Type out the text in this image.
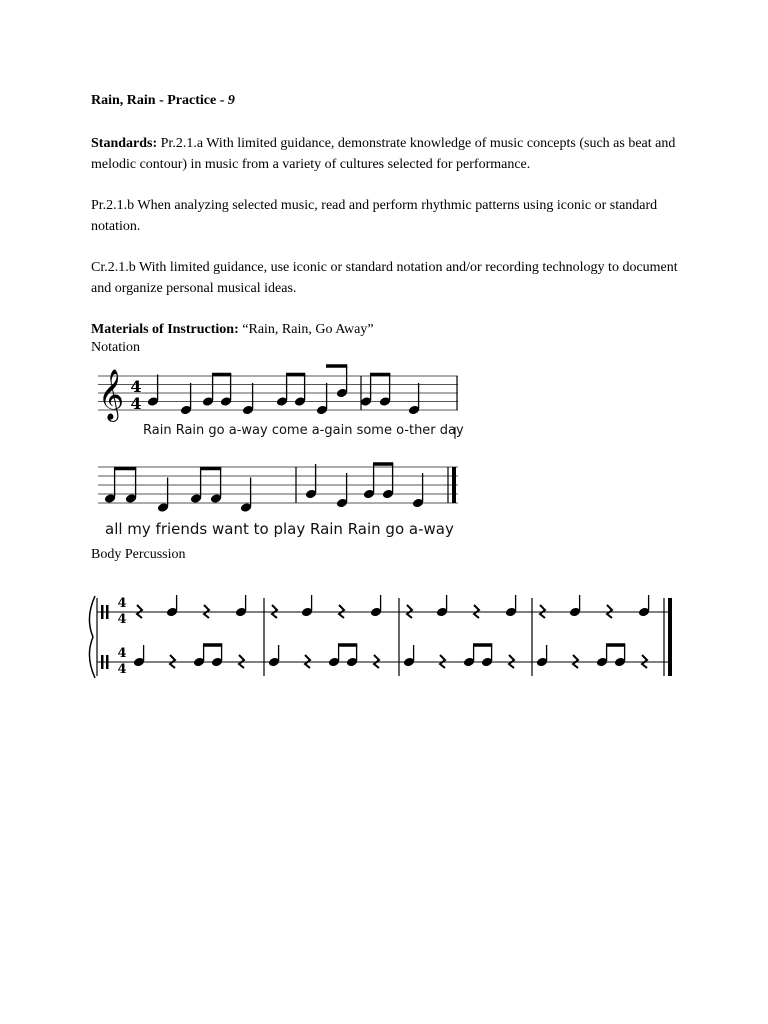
Rain, Rain - Practice - 9
Standards: Pr.2.1.a With limited guidance, demonstrate knowledge of music concepts (such as beat and melodic contour) in music from a variety of cultures selected for performance.
Pr.2.1.b When analyzing selected music, read and perform rhythmic patterns using iconic or standard notation.
Cr.2.1.b With limited guidance, use iconic or standard notation and/or recording technology to document and organize personal musical ideas.
Materials of Instruction: “Rain, Rain, Go Away”
Notation
𝄞 4
4
Rain Rain go a-way come a-gain some o-ther day
all my friends want to play Rain Rain go a-way
Body Percussion
4
4
4
4
